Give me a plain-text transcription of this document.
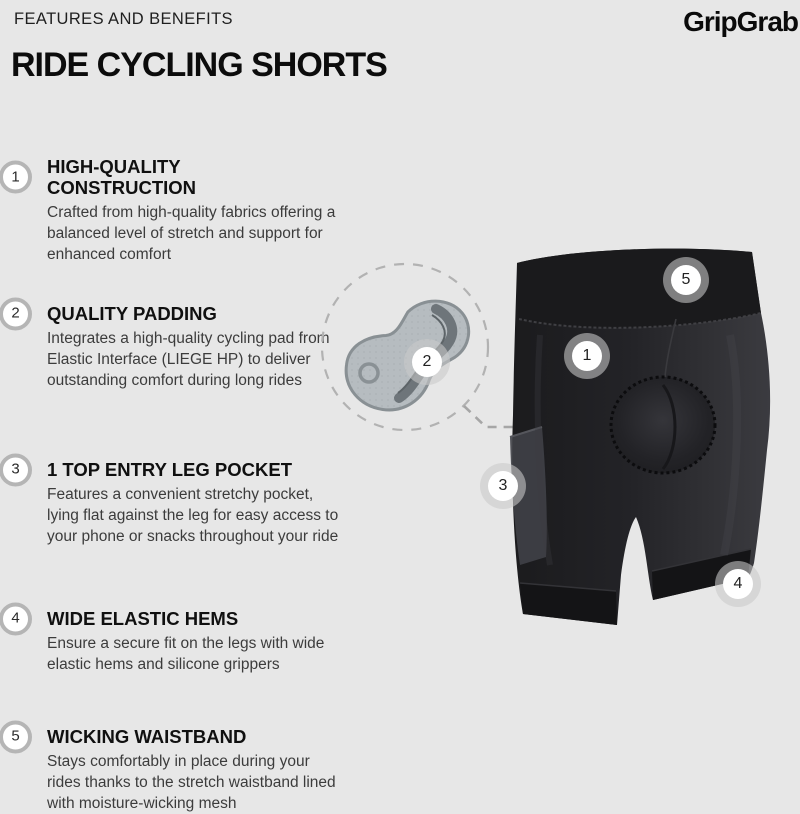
FEATURES AND BENEFITS	GripGrab
RIDE CYCLING SHORTS
1
HIGH-QUALITY CONSTRUCTION

Crafted from high-quality fabrics offering a balanced level of stretch and support for enhanced comfort

2	QUALITY PADDING

Integrates a high-quality cycling pad from Elastic Interface (LIEGE HP) to deliver outstanding comfort during long rides

3	1 TOP ENTRY LEG POCKET

Features a convenient stretchy pocket, lying flat against the leg for easy access to your phone or snacks throughout your ride

4	WIDE ELASTIC HEMS

Ensure a secure fit on the legs with wide elastic hems and silicone grippers

5	WICKING WAISTBAND

Stays comfortably in place during your rides thanks to the stretch waistband lined with moisture-wicking mesh

1
2
3
4
5
